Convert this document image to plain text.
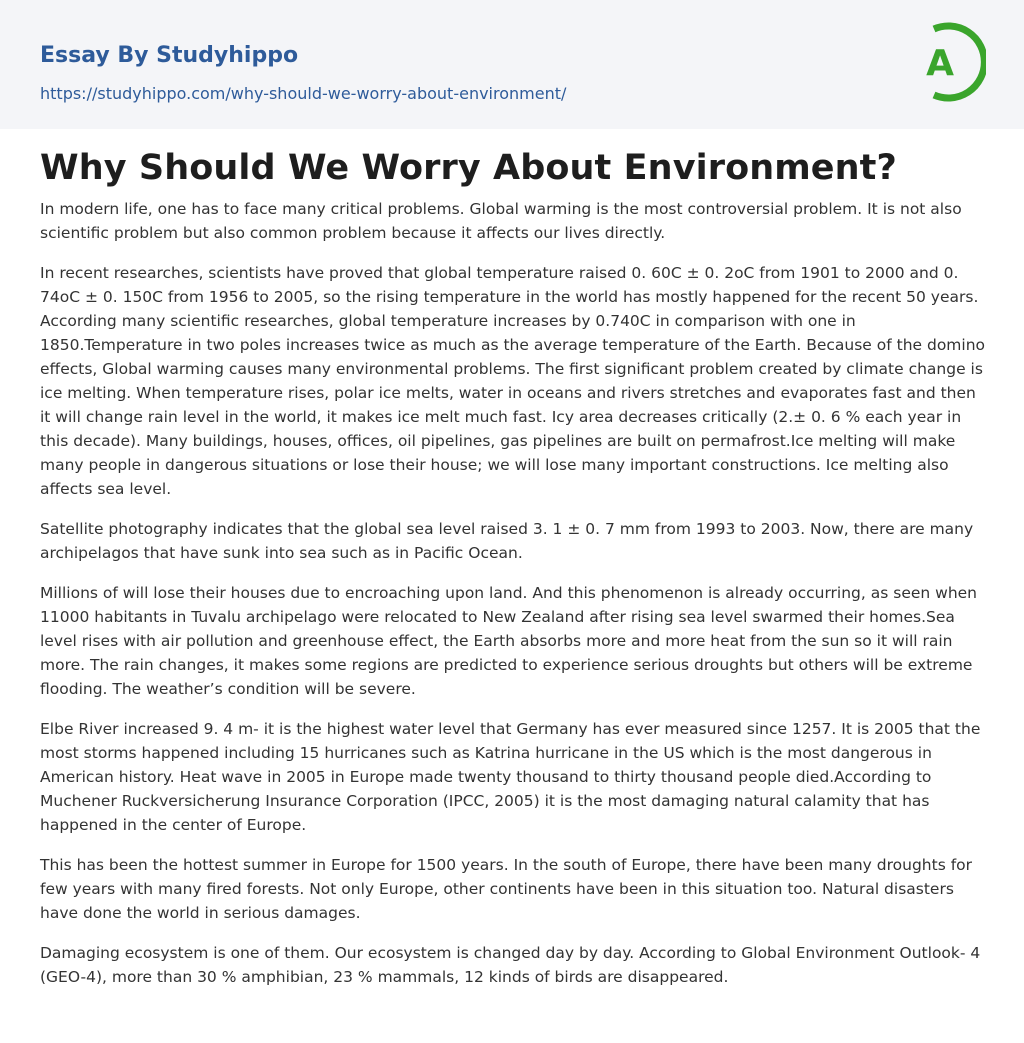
Essay By Studyhippo
https://studyhippo.com/why-should-we-worry-about-environment/
A
Why Should We Worry About Environment?

In modern life, one has to face many critical problems. Global warming is the most controversial problem. It is not also scientific problem but also common problem because it affects our lives directly.

In recent researches, scientists have proved that global temperature raised 0. 60C ± 0. 2oC from 1901 to 2000 and 0. 74oC ± 0. 150C from 1956 to 2005, so the rising temperature in the world has mostly happened for the recent 50 years. According many scientific researches, global temperature increases by 0.740C in comparison with one in 1850.Temperature in two poles increases twice as much as the average temperature of the Earth. Because of the domino effects, Global warming causes many environmental problems. The first significant problem created by climate change is ice melting. When temperature rises, polar ice melts, water in oceans and rivers stretches and evaporates fast and then it will change rain level in the world, it makes ice melt much fast. Icy area decreases critically (2.± 0. 6 % each year in this decade). Many buildings, houses, offices, oil pipelines, gas pipelines are built on permafrost.Ice melting will make many people in dangerous situations or lose their house; we will lose many important constructions. Ice melting also affects sea level.

Satellite photography indicates that the global sea level raised 3. 1 ± 0. 7 mm from 1993 to 2003. Now, there are many archipelagos that have sunk into sea such as in Pacific Ocean.

Millions of will lose their houses due to encroaching upon land. And this phenomenon is already occurring, as seen when 11000 habitants in Tuvalu archipelago were relocated to New Zealand after rising sea level swarmed their homes.Sea level rises with air pollution and greenhouse effect, the Earth absorbs more and more heat from the sun so it will rain more. The rain changes, it makes some regions are predicted to experience serious droughts but others will be extreme flooding. The weather’s condition will be severe.

Elbe River increased 9. 4 m- it is the highest water level that Germany has ever measured since 1257. It is 2005 that the most storms happened including 15 hurricanes such as Katrina hurricane in the US which is the most dangerous in American history. Heat wave in 2005 in Europe made twenty thousand to thirty thousand people died.According to Muchener Ruckversicherung Insurance Corporation (IPCC, 2005) it is the most damaging natural calamity that has happened in the center of Europe.

This has been the hottest summer in Europe for 1500 years. In the south of Europe, there have been many droughts for few years with many fired forests. Not only Europe, other continents have been in this situation too. Natural disasters have done the world in serious damages.

Damaging ecosystem is one of them. Our ecosystem is changed day by day. According to Global Environment Outlook- 4 (GEO-4), more than 30 % amphibian, 23 % mammals, 12 kinds of birds are disappeared.
